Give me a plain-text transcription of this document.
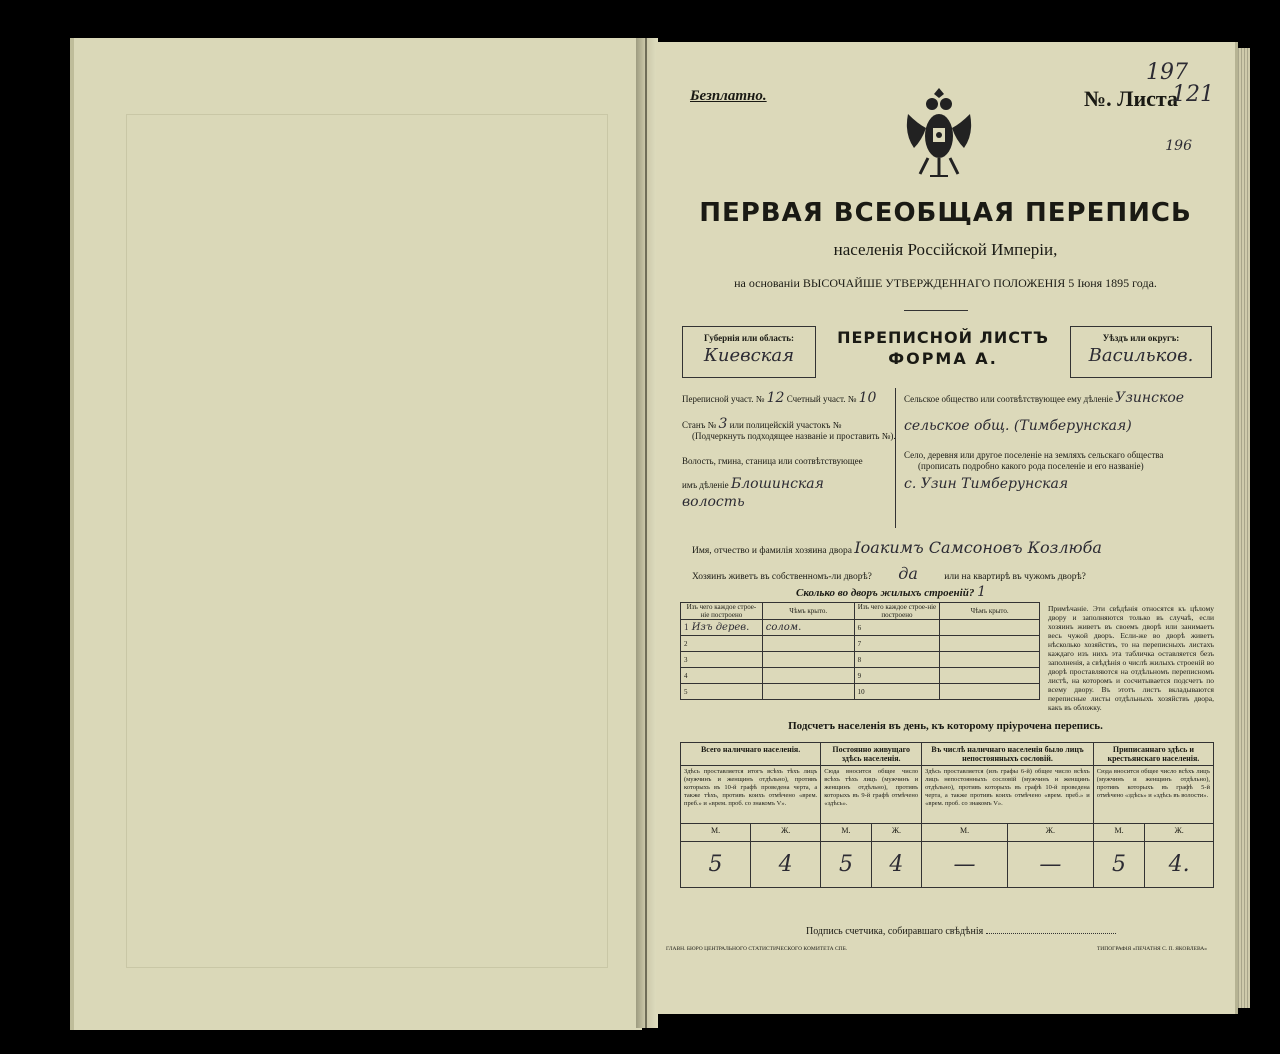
Безплатно.
197
№. Листа
121
196
ПЕРВАЯ ВСЕОБЩАЯ ПЕРЕПИСЬ
населенія Россійской Имперіи,
на основаніи ВЫСОЧАЙШЕ УТВЕРЖДЕННАГО ПОЛОЖЕНІЯ 5 Іюня 1895 года.
Губернія или область:
Киевская
ПЕРЕПИСНОЙ ЛИСТЪ
ФОРМА А.
Уѣздъ или округъ:
Васильков.
Переписной участ. № 12 Счетный участ. № 10
Станъ № 3 или полицейскій участокъ №
(Подчеркнуть подходящее названіе и проставить №).
Волость, гмина, станица или соотвѣтствующее
имъ дѣленіе Блошинская
волость
Сельское общество или соотвѣтствующее ему дѣленіе Узинское
сельское общ. (Тимберунская)
Село, деревня или другое поселеніе на земляхъ сельскаго общества
(прописать подробно какого рода поселеніе и его названіе)
с. Узин Тимберунская
Имя, отчество и фамилія хозяина двора Іоакимъ Самсоновъ Козлюба
Хозяинъ живетъ въ собственномъ-ли дворѣ? да	или на квартирѣ въ чужомъ дворѣ?
Сколько во дворъ жилыхъ строеній? 1
Изъ чего каждое строе-ніе построено	Чѣмъ крыто.	Изъ чего каждое строе-ніе построено	Чѣмъ крыто.
1 Изъ дерев.	солом.	6	
2		7	
3		8	
4		9	
5		10	
Примѣчаніе. Эти свѣдѣнія относятся къ цѣлому двору и заполняются только въ случаѣ, если хозяинъ живетъ въ своемъ дворѣ или занимаетъ весь чужой дворъ. Если-же во дворѣ живетъ нѣсколько хозяйствъ, то на переписныхъ листахъ каждаго изъ нихъ эта табличка оставляется безъ заполненія, а свѣдѣнія о числѣ жилыхъ строеній во дворѣ проставляются на отдѣльномъ переписномъ листѣ, на которомъ и сосчитывается подсчетъ по всему двору. Въ этотъ листъ вкладываются переписные листы отдѣльныхъ хозяйствъ двора, какъ въ обложку.
Подсчетъ населенія въ день, къ которому пріурочена перепись.
Всего наличнаго населенія.		Постоянно живущаго здѣсь населенія.		Въ числѣ наличнаго населенія было лицъ непостоянныхъ сословій.		Приписаннаго здѣсь и крестьянскаго населенія.	
Здѣсь проставляется итогъ всѣхъ тѣхъ лицъ (мужчинъ и женщинъ отдѣльно), противъ которыхъ въ 10-й графѣ проведена черта, а также тѣхъ, противъ коихъ отмѣчено «врем. преб.» и «врем. проб. со знакомъ V».		Сюда вносится общее число всѣхъ тѣхъ лицъ (мужчинъ и женщинъ отдѣльно), противъ которыхъ въ 9-й графѣ отмѣчено «здѣсь».		Здѣсь проставляется (изъ графы 6-й) общее число всѣхъ лицъ непостоянныхъ сословій (мужчинъ и женщинъ отдѣльно), противъ которыхъ въ графѣ 10-й проведена черта, а также противъ коихъ отмѣчено «врем. преб.» и «врем. проб. со знакомъ V».		Сюда вносится общее число всѣхъ лицъ (мужчинъ и женщинъ отдѣльно), противъ которыхъ въ графѣ 5-й отмѣчено «здѣсь» и «здѣсь въ волости».	
М.	Ж.	М.	Ж.	М.	Ж.	М.	Ж.
5	4	5	4	—	—	5	4.
Подпись счетчика, собиравшаго свѣдѣнія
ГЛАВН. БЮРО ЦЕНТРАЛЬНОГО СТАТИСТИЧЕСКОГО КОМИТЕТА СПБ.	ТИПОГРАФІЯ «ПЕЧАТНЯ С. П. ЯКОВЛЕВА»
